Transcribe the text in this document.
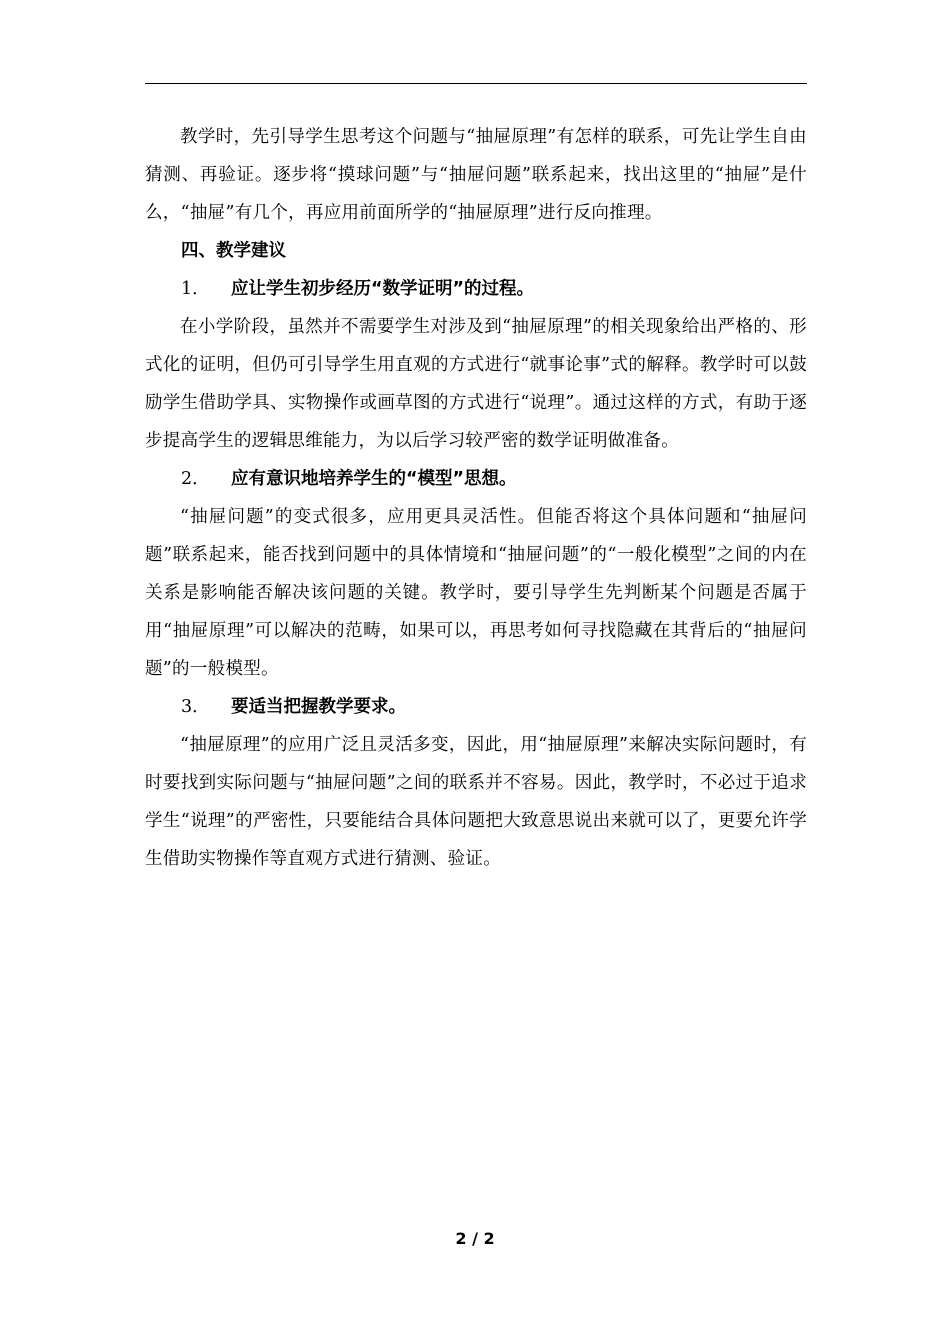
教学时，先引导学生思考这个问题与“抽屉原理”有怎样的联系，可先让学生自由猜测、再验证。逐步将“摸球问题”与“抽屉问题”联系起来，找出这里的“抽屉”是什么，“抽屉”有几个，再应用前面所学的“抽屉原理”进行反向推理。

四、教学建议

1． 应让学生初步经历“数学证明”的过程。

在小学阶段，虽然并不需要学生对涉及到“抽屉原理”的相关现象给出严格的、形式化的证明，但仍可引导学生用直观的方式进行“就事论事”式的解释。教学时可以鼓励学生借助学具、实物操作或画草图的方式进行“说理”。通过这样的方式，有助于逐步提高学生的逻辑思维能力，为以后学习较严密的数学证明做准备。

2． 应有意识地培养学生的“模型”思想。

“抽屉问题”的变式很多，应用更具灵活性。但能否将这个具体问题和“抽屉问题”联系起来，能否找到问题中的具体情境和“抽屉问题”的“一般化模型”之间的内在关系是影响能否解决该问题的关键。教学时，要引导学生先判断某个问题是否属于用“抽屉原理”可以解决的范畴，如果可以，再思考如何寻找隐藏在其背后的“抽屉问题”的一般模型。

3． 要适当把握教学要求。

“抽屉原理”的应用广泛且灵活多变，因此，用“抽屉原理”来解决实际问题时，有时要找到实际问题与“抽屉问题”之间的联系并不容易。因此，教学时，不必过于追求学生“说理”的严密性，只要能结合具体问题把大致意思说出来就可以了，更要允许学生借助实物操作等直观方式进行猜测、验证。

2 / 2
